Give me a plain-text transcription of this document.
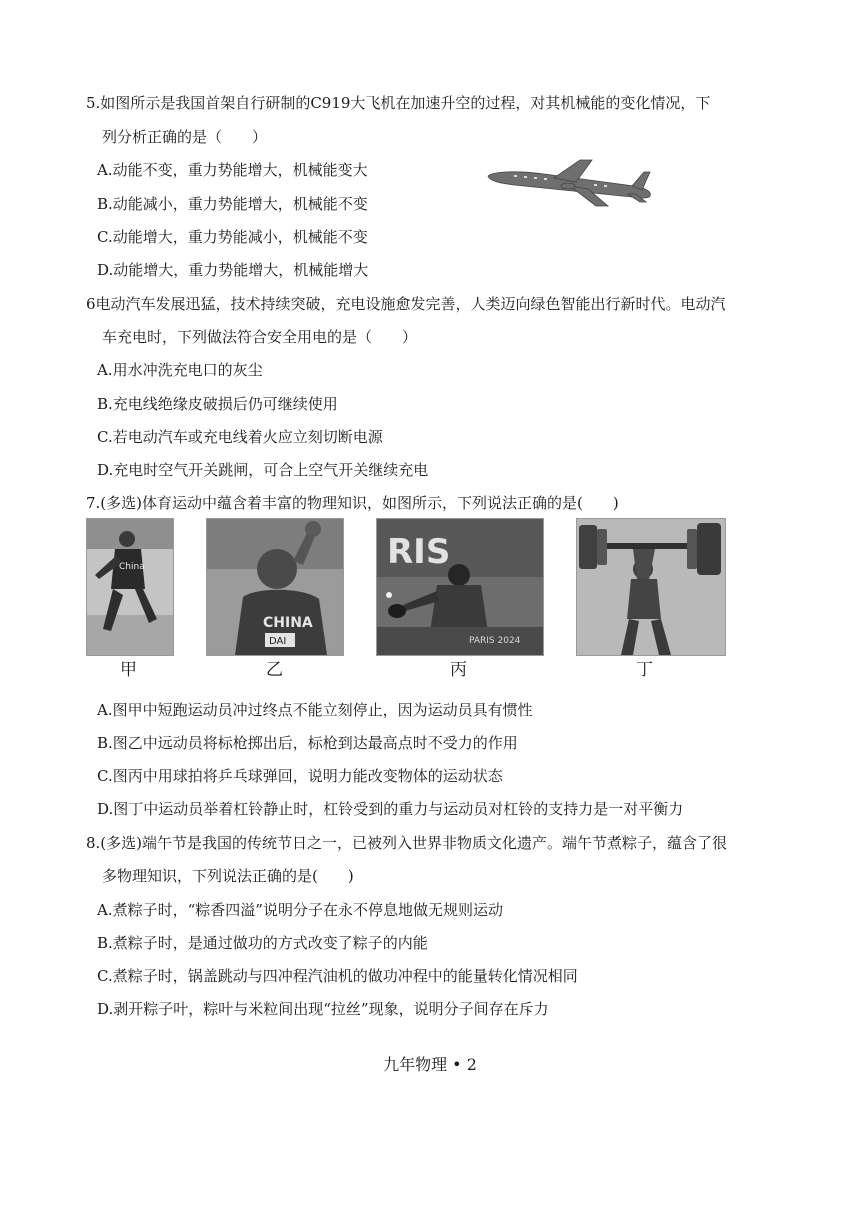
5.如图所示是我国首架自行研制的C919大飞机在加速升空的过程，对其机械能的变化情况，下
列分析正确的是（　　）
A.动能不变，重力势能增大，机械能变大
B.动能减小，重力势能增大，机械能不变
C.动能增大，重力势能减小，机械能不变
D.动能增大，重力势能增大，机械能增大
6电动汽车发展迅猛，技术持续突破，充电设施愈发完善，人类迈向绿色智能出行新时代。电动汽
车充电时，下列做法符合安全用电的是（　　）
A.用水冲洗充电口的灰尘
B.充电线绝缘皮破损后仍可继续使用
C.若电动汽车或充电线着火应立刻切断电源
D.充电时空气开关跳闸，可合上空气开关继续充电
7.(多选)体育运动中蕴含着丰富的物理知识，如图所示，下列说法正确的是(　　)
China
甲
CHINA
DAI
乙
RIS
PARIS 2024
丙	丁
A.图甲中短跑运动员冲过终点不能立刻停止，因为运动员具有惯性
B.图乙中远动员将标枪掷出后，标枪到达最高点时不受力的作用
C.图丙中用球拍将乒乓球弹回，说明力能改变物体的运动状态
D.图丁中运动员举着杠铃静止时，杠铃受到的重力与运动员对杠铃的支持力是一对平衡力
8.(多选)端午节是我国的传统节日之一，已被列入世界非物质文化遗产。端午节煮粽子，蕴含了很
多物理知识，下列说法正确的是(　　)
A.煮粽子时，“粽香四溢”说明分子在永不停息地做无规则运动
B.煮粽子时，是通过做功的方式改变了粽子的内能
C.煮粽子时，锅盖跳动与四冲程汽油机的做功冲程中的能量转化情况相同
D.剥开粽子叶，粽叶与米粒间出现“拉丝”现象，说明分子间存在斥力
九年物理 • 2
